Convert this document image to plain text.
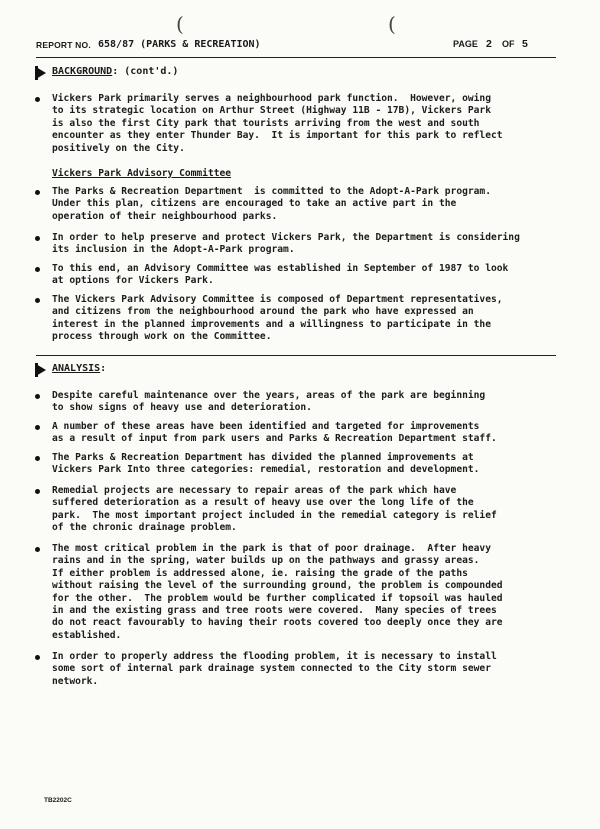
(	(
REPORT NO. 658/87 (PARKS & RECREATION)	PAGE 2 OF 5
BACKGROUND: (cont'd.)
Vickers Park primarily serves a neighbourhood park function.  However, owing
to its strategic location on Arthur Street (Highway 11B - 17B), Vickers Park
is also the first City park that tourists arriving from the west and south
encounter as they enter Thunder Bay.  It is important for this park to reflect
positively on the City.
Vickers Park Advisory Committee
The Parks & Recreation Department  is committed to the Adopt-A-Park program.
Under this plan, citizens are encouraged to take an active part in the
operation of their neighbourhood parks.
In order to help preserve and protect Vickers Park, the Department is considering
its inclusion in the Adopt-A-Park program.
To this end, an Advisory Committee was established in September of 1987 to look
at options for Vickers Park.
The Vickers Park Advisory Committee is composed of Department representatives,
and citizens from the neighbourhood around the park who have expressed an
interest in the planned improvements and a willingness to participate in the
process through work on the Committee.
ANALYSIS:
Despite careful maintenance over the years, areas of the park are beginning
to show signs of heavy use and deterioration.
A number of these areas have been identified and targeted for improvements
as a result of input from park users and Parks & Recreation Department staff.
The Parks & Recreation Department has divided the planned improvements at
Vickers Park Into three categories: remedial, restoration and development.
Remedial projects are necessary to repair areas of the park which have
suffered deterioration as a result of heavy use over the long life of the
park.  The most important project included in the remedial category is relief
of the chronic drainage problem.
The most critical problem in the park is that of poor drainage.  After heavy
rains and in the spring, water builds up on the pathways and grassy areas.
If either problem is addressed alone, ie. raising the grade of the paths
without raising the level of the surrounding ground, the problem is compounded
for the other.  The problem would be further complicated if topsoil was hauled
in and the existing grass and tree roots were covered.  Many species of trees
do not react favourably to having their roots covered too deeply once they are
established.
In order to properly address the flooding problem, it is necessary to install
some sort of internal park drainage system connected to the City storm sewer
network.
TB2202C
